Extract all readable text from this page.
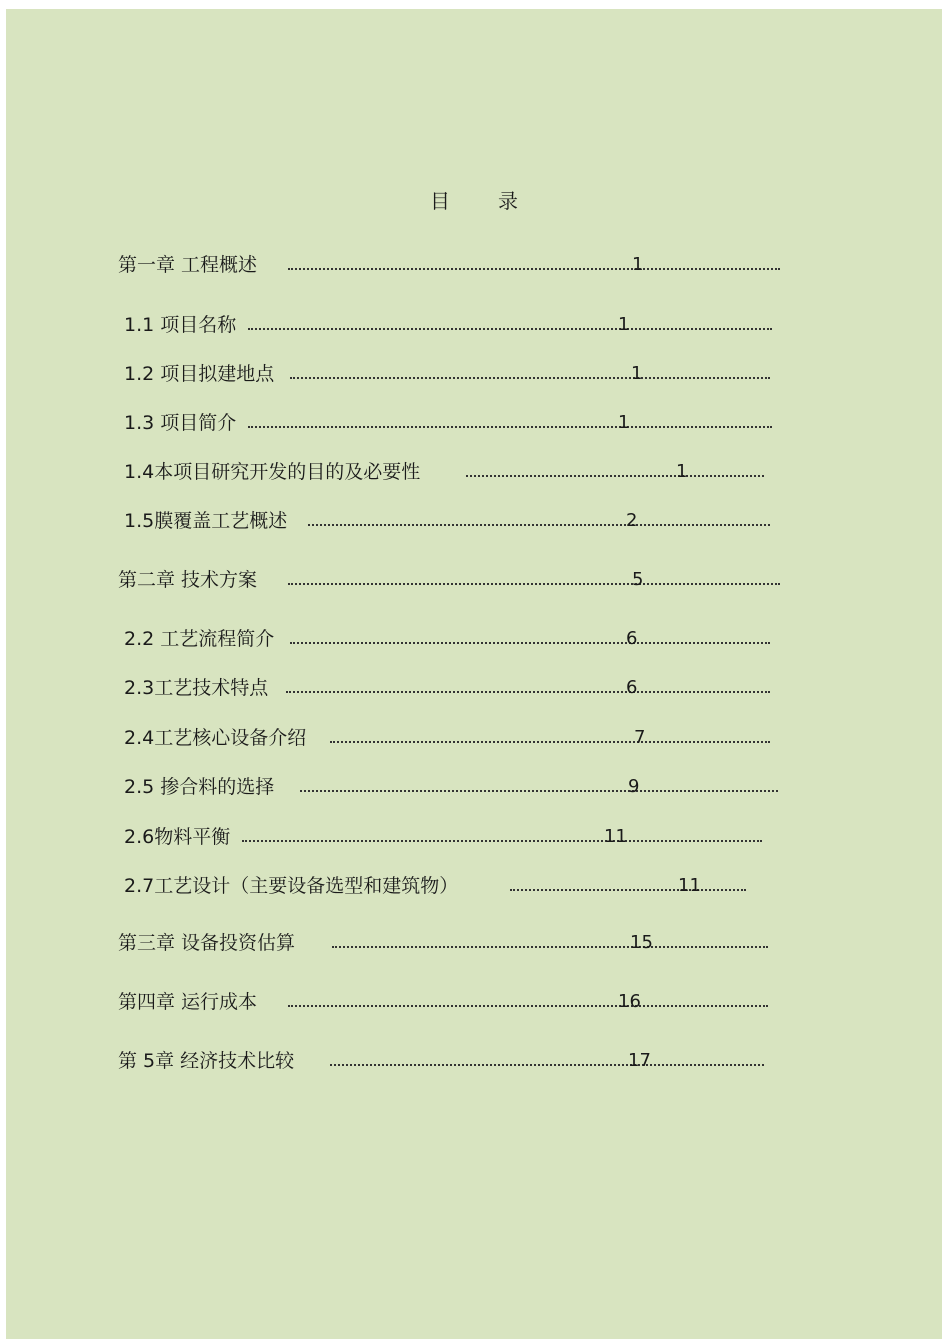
目 录
第一章 工程概述	1
1.1 项目名称	1
1.2 项目拟建地点	1
1.3 项目简介	1
1.4本项目研究开发的目的及必要性	1
1.5膜覆盖工艺概述	2
第二章 技术方案	5
2.2 工艺流程简介	6
2.3工艺技术特点	6
2.4工艺核心设备介绍	7
2.5 掺合料的选择	9
2.6物料平衡	11
2.7工艺设计（主要设备选型和建筑物）	11
第三章 设备投资估算	15
第四章 运行成本	16
第 5章 经济技术比较	17
